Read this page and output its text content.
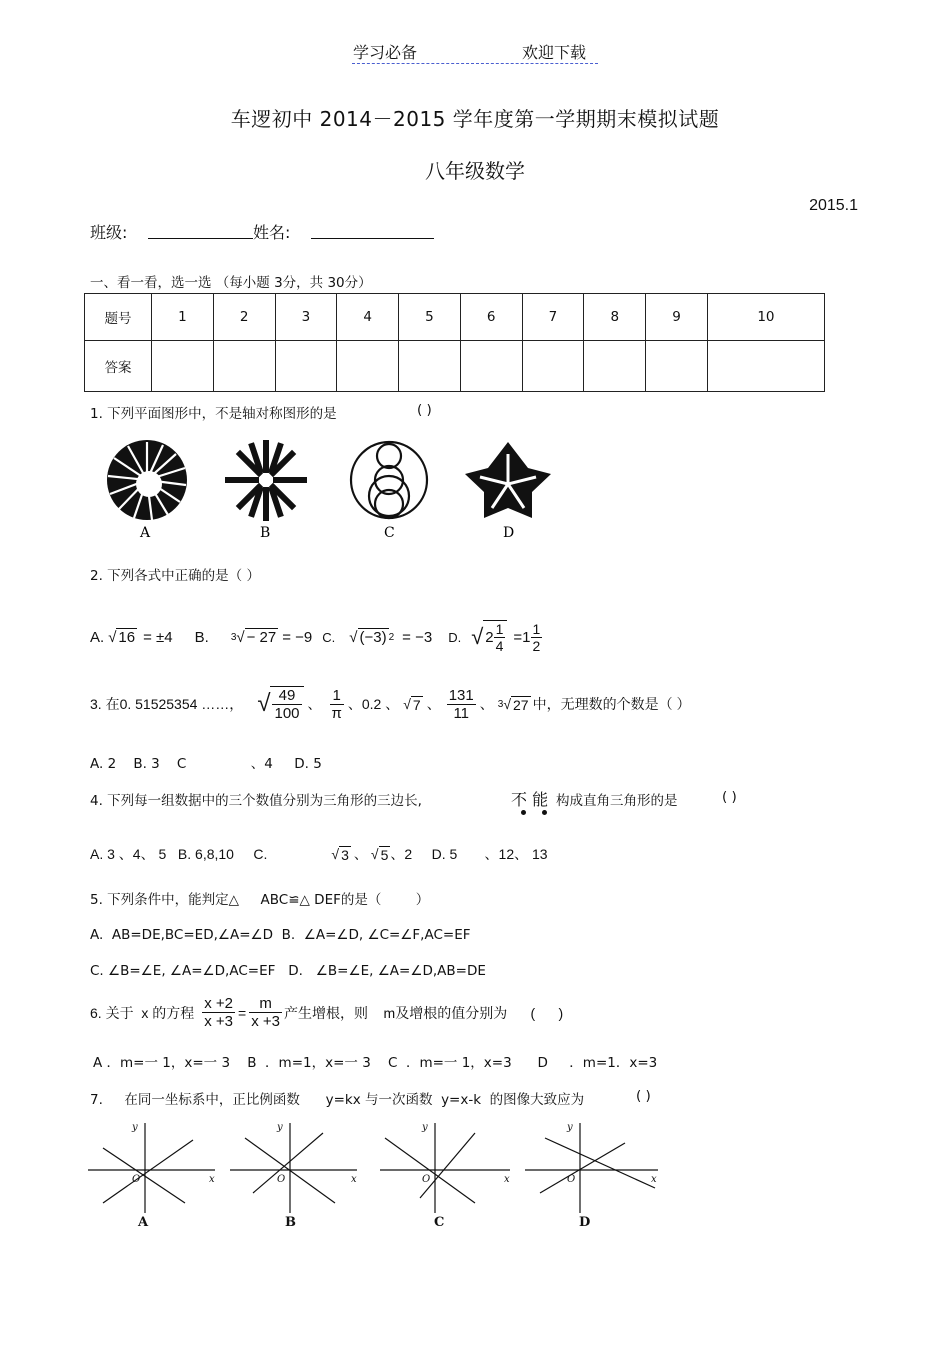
学习必备	欢迎下载
车逻初中 2014－2015 学年度第一学期期末模拟试题
八年级数学
2015.1
班级:	姓名:
一、看一看，选一选 （每小题 3分，共 30分）
题号	1	2	3	4	5	6	7	8	9	10
答案										
1. 下列平面图形中，不是轴对称图形的是	( )
A	B	C	D
2. 下列各式中正确的是（ ）
A. √ 16 = ±4 B. 3 √ − 27 = −9 C. √ (−3) 2 = −3 D. √ $2 \frac{1}{4} =1 \frac{1}{2}$
3. 在0. 51525354 ……， √ $\frac{49}{100}$ 、 $\frac{1}{\pi}$ 、0.2 、 √ 7 、 $\frac{131}{11}$ 、 3 √ 27 中，无理数的个数是（ ）
A. 2    B. 3    C               、4     D. 5
4. 下列每一组数据中的三个数值分别为三角形的三边长,	不 能 构成直角三角形的是	( )
A. 3 、4、 5   B. 6,8,10     C.	√ 3 、 √ 5 、2     D. 5       、12、 13
5. 下列条件中，能判定△     ABC≌△ DEF的是（        ）
A.  AB=DE,BC=ED,∠A=∠D  B.  ∠A=∠D, ∠C=∠F,AC=EF
C. ∠B=∠E, ∠A=∠D,AC=EF   D.   ∠B=∠E, ∠A=∠D,AB=DE
6. 关于  x 的方程 $\frac{x +2}{x +3} = \frac{m}{x +3}$ 产生增根，则    m及增根的值分别为      (      )
A ．m=一 1，x=一 3    B  ．m=1，x=一 3    C  ．m=一 1，x=3      D     ．m=1．x=3
7.     在同一坐标系中，正比例函数      y=kx 与一次函数  y=x-k  的图像大致应为	( )
y
x
O
y
x
O
y
x
O
y
x
O
A	B	C	D
